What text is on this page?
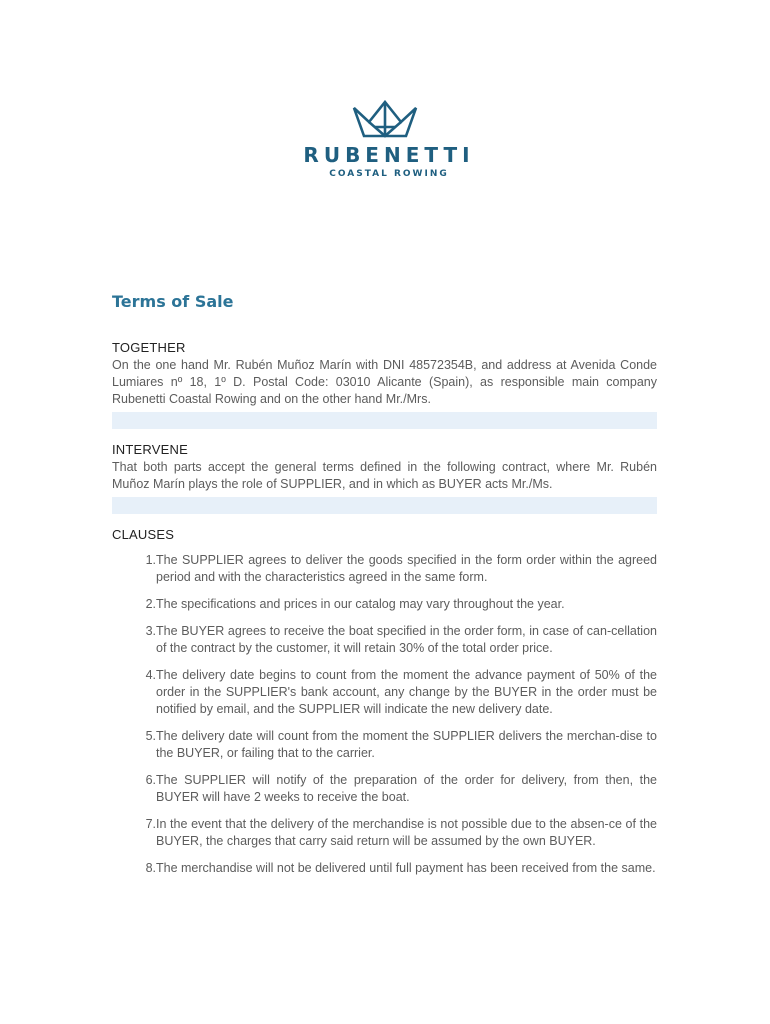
RUBENETTI
COASTAL ROWING
Terms of Sale
TOGETHER

On the one hand Mr. Rubén Muñoz Marín with DNI 48572354B, and address at Avenida Conde Lumiares nº 18, 1º D. Postal Code: 03010 Alicante (Spain), as responsible main company Rubenetti Coastal Rowing and on the other hand Mr./Mrs.

INTERVENE

That both parts accept the general terms defined in the following contract, where Mr. Rubén Muñoz Marín plays the role of SUPPLIER, and in which as BUYER acts Mr./Ms.

CLAUSES
1. The SUPPLIER agrees to deliver the goods specified in the form order within the agreed period and with the characteristics agreed in the same form.
2. The specifications and prices in our catalog may vary throughout the year.
3. The BUYER agrees to receive the boat specified in the order form, in case of can-cellation of the contract by the customer, it will retain 30% of the total order price.
4. The delivery date begins to count from the moment the advance payment of 50% of the order in the SUPPLIER's bank account, any change by the BUYER in the order must be notified by email, and the SUPPLIER will indicate the new delivery date.
5. The delivery date will count from the moment the SUPPLIER delivers the merchan-dise to the BUYER, or failing that to the carrier.
6. The SUPPLIER will notify of the preparation of the order for delivery, from then, the BUYER will have 2 weeks to receive the boat.
7. In the event that the delivery of the merchandise is not possible due to the absen-ce of the BUYER, the charges that carry said return will be assumed by the own BUYER.
8. The merchandise will not be delivered until full payment has been received from the same.
